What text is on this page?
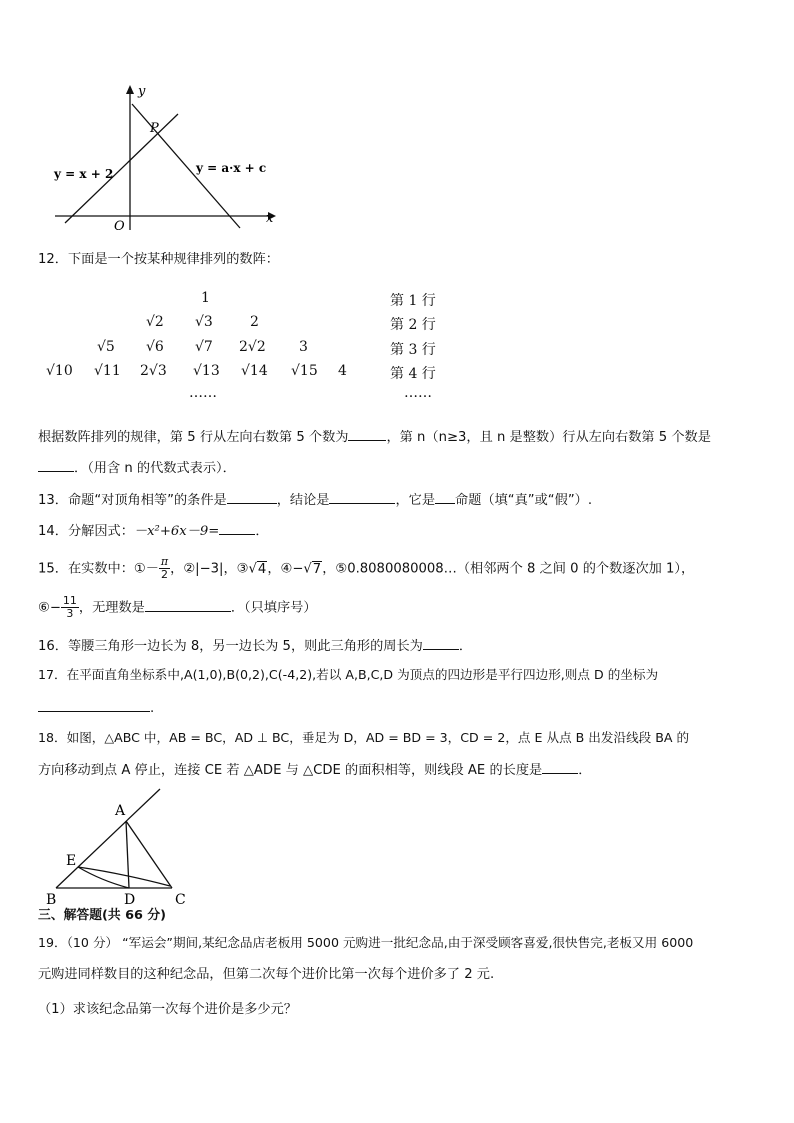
y
x
O
P
y = x + 2	y = a·x + c
12．下面是一个按某种规律排列的数阵：
1
√2 √3	2
√5 √6 √7 2√2 3
√10 √11 2√3 √13 √14 √15 4
……
第 1 行
第 2 行
第 3 行
第 4 行
……
根据数阵排列的规律，第 5 行从左向右数第 5 个数为	，第 n（n≥3，且 n 是整数）行从左向右数第 5 个数是
．（用含 n 的代数式表示）．
13．命题“对顶角相等”的条件是	，结论是	，它是 命题（填“真”或“假”）.
14．分解因式：－x²+6x－9=	．
15．在实数中：①－ $\frac{\pi}{2}$ ，②|−3|，③√4，④−√7，⑤0.8080080008…（相邻两个 8 之间 0 的个数逐次加 1），
⑥− $\frac{11}{3}$ ，无理数是	．（只填序号）
16．等腰三角形一边长为 8，另一边长为 5，则此三角形的周长为	．
17．在平面直角坐标系中,A(1,0),B(0,2),C(-4,2),若以 A,B,C,D 为顶点的四边形是平行四边形,则点 D 的坐标为
.
18．如图，△ABC 中，AB = BC，AD ⊥ BC，垂足为 D，AD = BD = 3，CD = 2，点 E 从点 B 出发沿线段 BA 的
方向移动到点 A 停止，连接 CE 若 △ADE 与 △CDE 的面积相等，则线段 AE 的长度是	．
A
E
B	D	C
三、解答题(共 66 分)
19．（10 分） “军运会”期间,某纪念品店老板用 5000 元购进一批纪念品,由于深受顾客喜爱,很快售完,老板又用 6000
元购进同样数目的这种纪念品，但第二次每个进价比第一次每个进价多了 2 元.
（1）求该纪念品第一次每个进价是多少元？
